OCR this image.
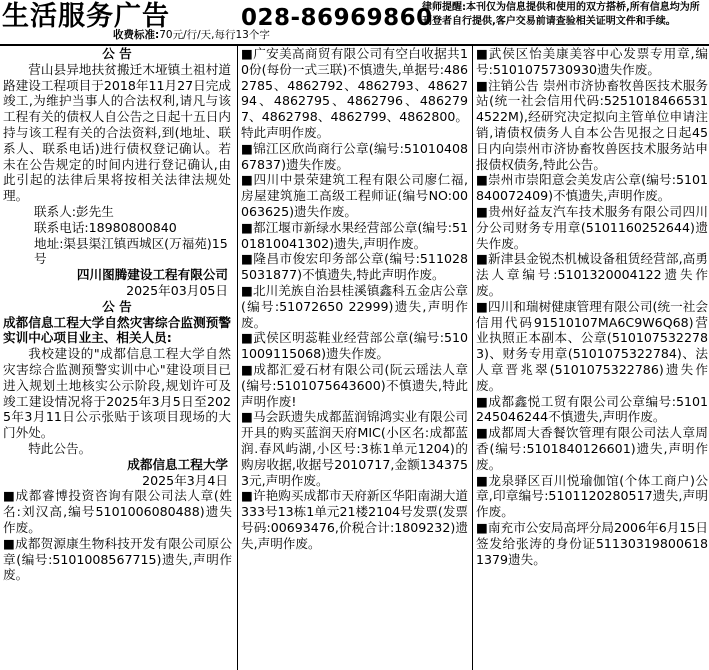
生活服务广告	028-86969860
收费标准:70元/行/天,每行13个字
律师提醒:本刊仅为信息提供和使用的双方搭桥,所有信息均为所刊登者自行提供,客户交易前请查验相关证明文件和手续。
公 告
营山县异地扶贫搬迁木垭镇土祖村道路建设工程项目于2018年11月27日完成竣工,为维护当事人的合法权利,请凡与该工程有关的债权人自公告之日起十五日内持与该工程有关的合法资料,到(地址、联系人、联系电话)进行债权登记确认。若未在公告规定的时间内进行登记确认,由此引起的法律后果将按相关法律法规处理。
联系人:彭先生
联系电话:18980800840
地址:渠县渠江镇西城区(万福苑)15号
四川图腾建设工程有限公司
2025年03月05日
公 告
成都信息工程大学自然灾害综合监测预警实训中心项目业主、相关人员:
我校建设的"成都信息工程大学自然灾害综合监测预警实训中心"建设项目已进入规划土地核实公示阶段,规划许可及竣工建设情况将于2025年3月5日至2025年3月11日公示张贴于该项目现场的大门外处。
特此公告。
成都信息工程大学
2025年3月4日
■成都睿博投资咨询有限公司法人章(姓名:刘汉高,编号5101006080488)遗失作废。
■成都贺源康生物科技开发有限公司原公章(编号:5101008567715)遗失,声明作废。
■广安美高商贸有限公司有空白收据共10份(每份一式三联)不慎遗失,单据号:4862785、4862792、4862793、4862794、4862795、4862796、4862797、4862798、4862799、4862800。特此声明作废。
■锦江区欣尚商行公章(编号:5101040867837)遗失作废。
■四川中景荣建筑工程有限公司廖仁福,房屋建筑施工高级工程师证(编号NO:00063625)遗失作废。
■都江堰市新绿水果经营部公章(编号:5101810041302)遗失,声明作废。
■隆昌市俊宏印务部公章(编号:5110285031877)不慎遗失,特此声明作废。
■北川羌族自治县桂溪镇鑫科五金店公章(编号:51072650 22999)遗失,声明作废。
■武侯区明蕊鞋业经营部公章(编号:5101009115068)遗失作废。
■成都汇爱石材有限公司(阮云瑶法人章(编号:5101075643600)不慎遗失,特此声明作废!
■马会跃遗失成都蓝润锦鸿实业有限公司开具的购买蓝润天府MIC(小区名:成都蓝润.春风屿湖,小区号:3栋1单元1204)的购房收据,收据号2010717,金额1343753元,声明作废。
■许艳购买成都市天府新区华阳南湖大道333号13栋1单元21楼2104号发票(发票号码:00693476,价税合计:1809232)遗失,声明作废。
■武侯区怡美康美容中心发票专用章,编号:5101075730930遗失作废。
■注销公告 崇州市济协畜牧兽医技术服务站(统一社会信用代码:52510184665314522M),经研究决定拟向主管单位申请注销,请债权债务人自本公告见报之日起45日内向崇州市济协畜牧兽医技术服务站申报债权债务,特此公告。
■崇州市崇阳意会美发店公章(编号:5101840072409)不慎遗失,声明作废。
■贵州好益友汽车技术服务有限公司四川分公司财务专用章(5101160252644)遗失作废。
■新津县金锐杰机械设备租赁经营部,高勇法人章编号:5101320004122遗失作废。
■四川和瑞树健康管理有限公司(统一社会信用代码91510107MA6C9W6Q68)营业执照正本副本、公章(5101075322783)、财务专用章(5101075322784)、法人章晋兆翠(5101075322786)遗失作废。
■成都鑫悦工贸有限公司公章编号:5101245046244不慎遗失,声明作废。
■成都周大香餐饮管理有限公司法人章周香(编号:5101840126601)遗失,声明作废。
■龙泉驿区百川悦瑜伽馆(个体工商户)公章,印章编号:5101120280517遗失,声明作废。
■南充市公安局高坪分局2006年6月15日签发给张涛的身份证511303198006181379遗失。
